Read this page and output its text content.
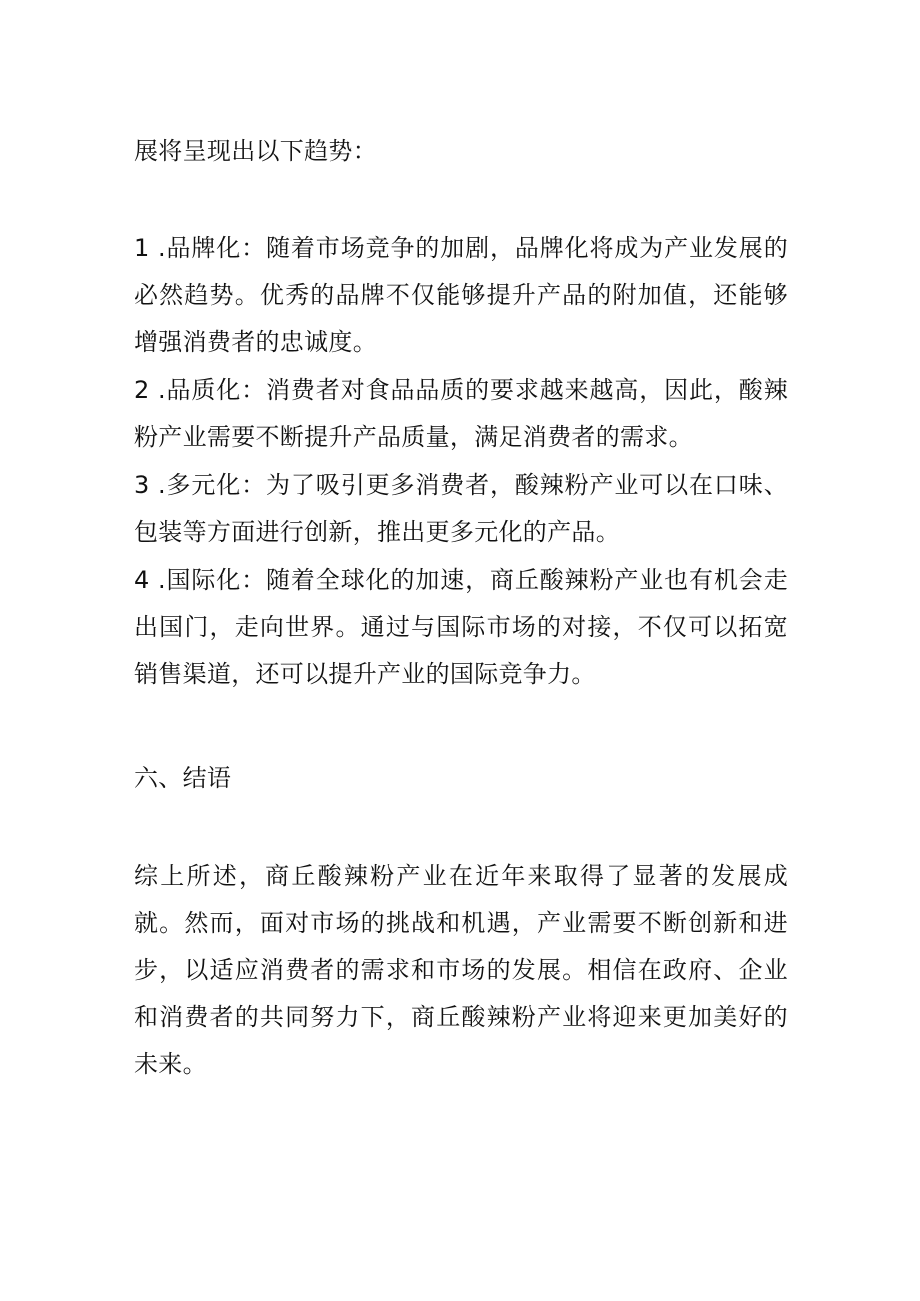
展将呈现出以下趋势：

1 .品牌化：随着市场竞争的加剧，品牌化将成为产业发展的必然趋势。优秀的品牌不仅能够提升产品的附加值，还能够增强消费者的忠诚度。

2 .品质化：消费者对食品品质的要求越来越高，因此，酸辣粉产业需要不断提升产品质量，满足消费者的需求。

3 .多元化：为了吸引更多消费者，酸辣粉产业可以在口味、包装等方面进行创新，推出更多元化的产品。

4 .国际化：随着全球化的加速，商丘酸辣粉产业也有机会走出国门，走向世界。通过与国际市场的对接，不仅可以拓宽销售渠道，还可以提升产业的国际竞争力。

六、结语

综上所述，商丘酸辣粉产业在近年来取得了显著的发展成就。然而，面对市场的挑战和机遇，产业需要不断创新和进步，以适应消费者的需求和市场的发展。相信在政府、企业和消费者的共同努力下，商丘酸辣粉产业将迎来更加美好的未来。
